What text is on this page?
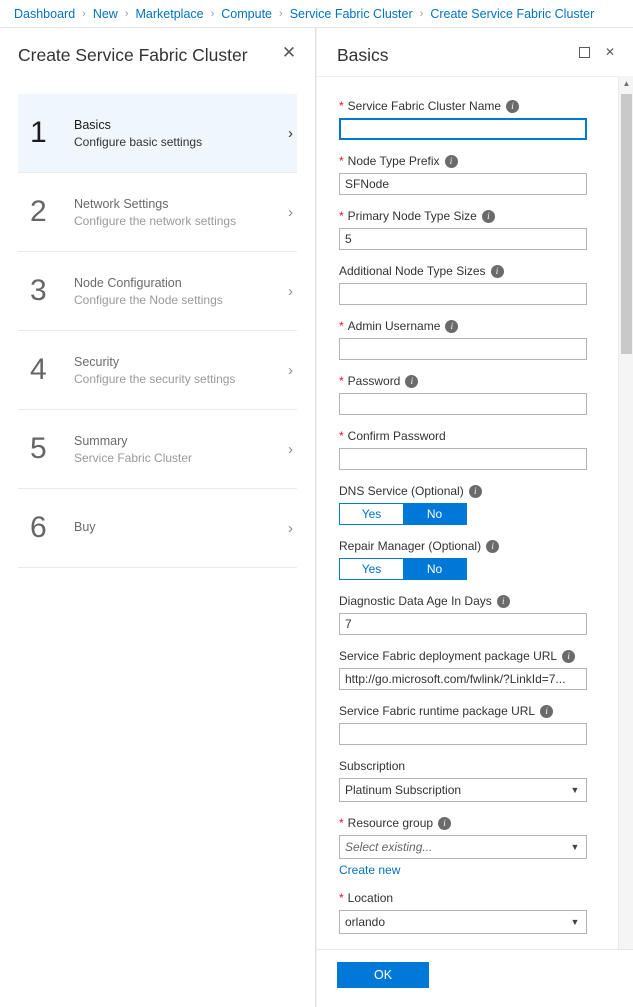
Dashboard › New › Marketplace › Compute › Service Fabric Cluster › Create Service Fabric Cluster
Create Service Fabric Cluster	✕
1	Basics
Configure basic settings	›
2	Network Settings
Configure the network settings	›
3	Node Configuration
Configure the Node settings	›
4	Security
Configure the security settings	›
5	Summary
Service Fabric Cluster	›
6	Buy	›
Basics	✕
* Service Fabric Cluster Name	i
* Node Type Prefix	i
SFNode
* Primary Node Type Size	i
5
Additional Node Type Sizes	i
* Admin Username	i
* Password	i
* Confirm Password
DNS Service (Optional)	i
Yes	No
Repair Manager (Optional)	i
Yes	No
Diagnostic Data Age In Days	i
7
Service Fabric deployment package URL	i
http://go.microsoft.com/fwlink/?LinkId=7...
Service Fabric runtime package URL	i
Subscription
Platinum Subscription	▼
* Resource group	i
Select existing...	▼
Create new
* Location
orlando	▼
▲
OK
